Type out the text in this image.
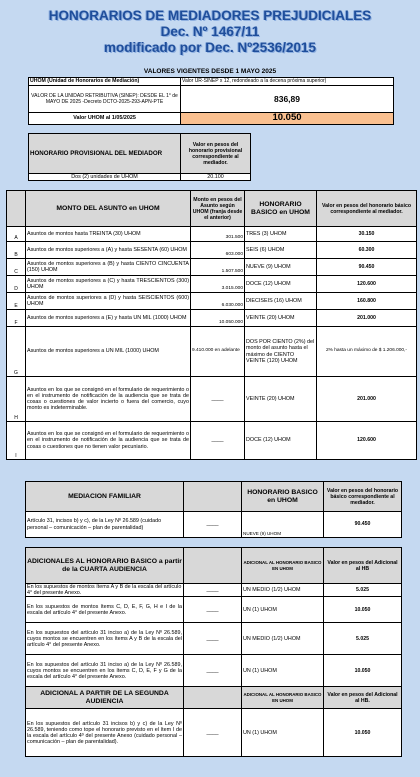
HONORARIOS DE MEDIADORES PREJUDICIALES
Dec. Nº 1467/11
modificado por Dec. Nº2536/2015
VALORES VIGENTES DESDE 1 MAYO 2025
UHOM (Unidad de Honorarios de Mediación)	Valor UR-SINEP x 12, redondeado a la decena próxima superior)
VALOR DE LA UNIDAD RETRIBUTIVA (SINEP): DESDE EL 1° de MAYO DE 2025 -Decreto DCTO-2025-293-APN-PTE	836,89
Valor UHOM al 1/05/2025	10.050
HONORARIO PROVISIONAL DEL MEDIADOR	Valor en pesos del honorario provisional correspondiente al mediador.
Dos (2) unidades de UHOM	20.100
	MONTO DEL ASUNTO en UHOM	Monto en pesos del Asunto según UHOM (franja desde el anterior)	HONORARIO BASICO en UHOM	Valor en pesos del honorario básico correspondiente al mediador.
A	Asuntos de montos hasta TREINTA (30) UHOM	301.500	TRES (3) UHOM	30.150
B	Asuntos de montos superiores a (A) y hasta SESENTA (60) UHOM	603.000	SEIS (6) UHOM	60.300
C	Asuntos de montos superiores a (B) y hasta CIENTO CINCUENTA (150) UHOM	1.507.500	NUEVE (9) UHOM	90.450
D	Asuntos de montos superiores a (C) y hasta TRESCIENTOS (300) UHOM	3.015.000	DOCE (12) UHOM	120.600
E	Asuntos de montos superiores a (D) y hasta SEISCIENTOS (600) UHOM	6.030.000	DIECISEIS (16) UHOM	160.800
F	Asuntos de montos superiores a (E) y hasta UN MIL (1000) UHOM	10.050.000	VEINTE (20) UHOM	201.000
G	Asuntos de montos superiores a UN MIL (1000) UHOM	9.410.000 en adelante	DOS POR CIENTO (2%) del monto del asunto hasta el máximo de CIENTO VEINTE (120) UHOM	2% hasta un máximo de $ 1.206.000,-
H	Asuntos en los que se consignó en el formulario de requerimiento o en el instrumento de notificación de la audiencia que se trata de cosas o cuestiones de valor incierto o fuera del comercio, cuyo monto es indeterminable.	____	VEINTE (20) UHOM	201.000
I	Asuntos en los que se consignó en el formulario de requerimiento o en el instrumento de notificación de la audiencia que se trata de cosas o cuestiones que no tienen valor pecuniario.	____	DOCE (12) UHOM	120.600
MEDIACION FAMILIAR		HONORARIO BASICO en UHOM	Valor en pesos del honorario básico correspondiente al mediador.
Artículo 31, incisos b) y c), de la Ley Nº 26.589 (cuidado personal – comunicación – plan de parentalidad)	____	NUEVE (9) UHOM	90.450
ADICIONALES AL HONORARIO BASICO a partir de la CUARTA AUDIENCIA		ADICIONAL AL HONORARIO BASICO EN UHOM	Valor en pesos del Adicional al HB
En los supuestos de montos ítems A y B de la escala del artículo 4° del presente Anexo.	____	UN MEDIO (1/2) UHOM	5.025
En los supuestos de montos ítems C, D, E, F, G, H e I de la escala del artículo 4° del presente Anexo.	____	UN (1) UHOM	10.050
En los supuestos del artículo 31 inciso a) de la Ley Nº 26.589, cuyos montos se encuentren en los ítems A y B de la escala del artículo 4° del presente Anexo.	____	UN MEDIO (1/2) UHOM	5.025
En los supuestos del artículo 31 inciso a) de la Ley Nº 26.589, cuyos montos se encuentren en los ítems C, D, E, F y G de la escala del artículo 4° del presente Anexo.	____	UN (1) UHOM	10.050
ADICIONAL A PARTIR DE LA SEGUNDA AUDIENCIA		ADICIONAL AL HONORARIO BASICO EN UHOM	Valor en pesos del Adicional al HB.
En los supuestos del artículo 31 incisos b) y c) de la Ley Nº 26.589, teniendo como tope el honorario previsto en el ítem I de la escala del artículo 4º del presente Anexo (cuidado personal – comunicación – plan de parentalidad).	____	UN (1) UHOM	10.050
